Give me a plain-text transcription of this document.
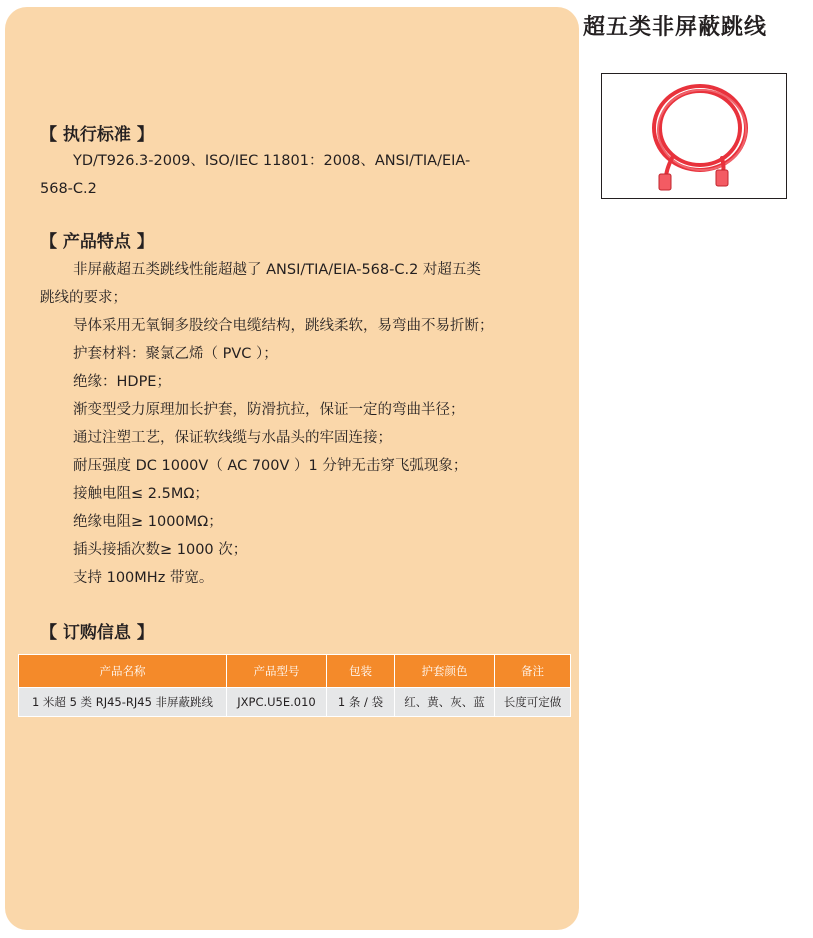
超五类非屏蔽跳线
【 执行标准 】
YD/T926.3-2009、ISO/IEC 11801：2008、ANSI/TIA/EIA-
568-C.2
【 产品特点 】
非屏蔽超五类跳线性能超越了 ANSI/TIA/EIA-568-C.2 对超五类
跳线的要求；
导体采用无氧铜多股绞合电缆结构，跳线柔软，易弯曲不易折断；
护套材料：聚氯乙烯（ PVC ）；
绝缘：HDPE；
渐变型受力原理加长护套，防滑抗拉，保证一定的弯曲半径；
通过注塑工艺，保证软线缆与水晶头的牢固连接；
耐压强度 DC 1000V（ AC 700V ）1 分钟无击穿飞弧现象；
接触电阻≤ 2.5MΩ；
绝缘电阻≥ 1000MΩ；
插头接插次数≥ 1000 次；
支持 100MHz 带宽。
【 订购信息 】
产品名称	产品型号	包装	护套颜色	备注
1 米超 5 类 RJ45-RJ45 非屏蔽跳线	JXPC.U5E.010	1 条 / 袋	红、黄、灰、蓝	长度可定做
